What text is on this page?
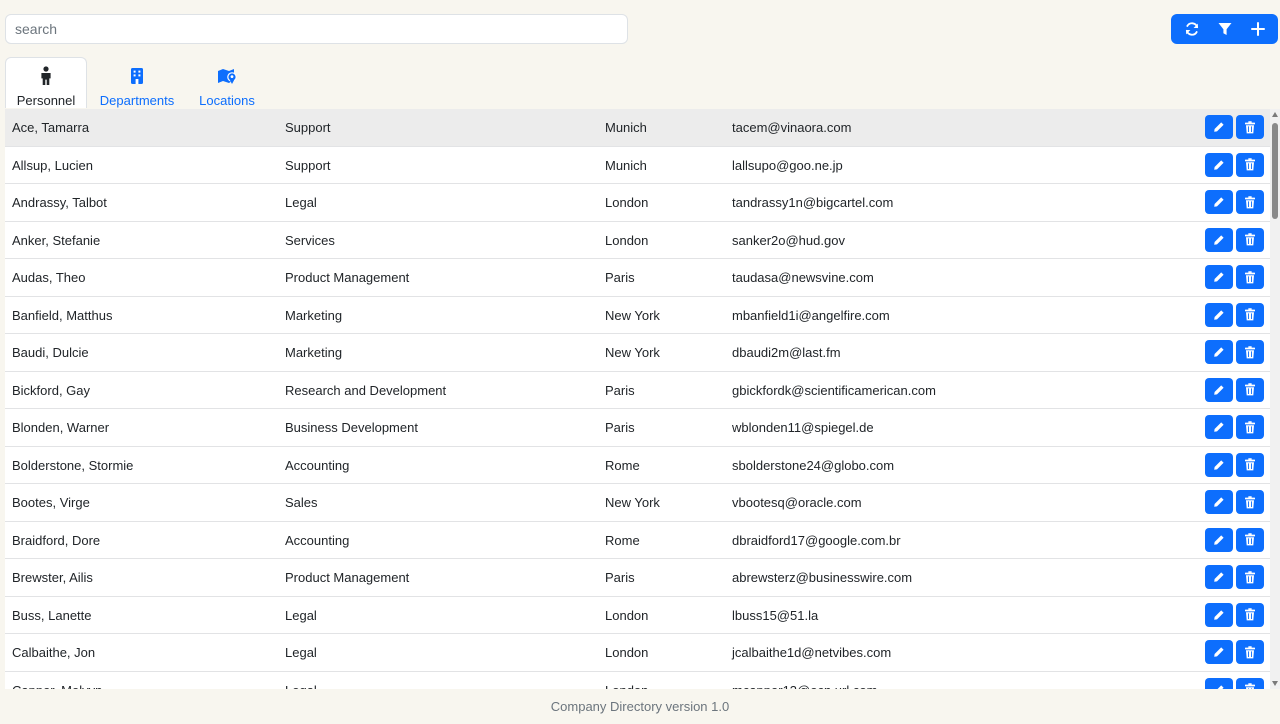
search
Personnel Departments Locations
Ace, Tamarra	Support	Munich	tacem@vinaora.com
Allsup, Lucien	Support	Munich	lallsupo@goo.ne.jp
Andrassy, Talbot	Legal	London	tandrassy1n@bigcartel.com
Anker, Stefanie	Services	London	sanker2o@hud.gov
Audas, Theo	Product Management	Paris	taudasa@newsvine.com
Banfield, Matthus	Marketing	New York	mbanfield1i@angelfire.com
Baudi, Dulcie	Marketing	New York	dbaudi2m@last.fm
Bickford, Gay	Research and Development	Paris	gbickfordk@scientificamerican.com
Blonden, Warner	Business Development	Paris	wblonden11@spiegel.de
Bolderstone, Stormie	Accounting	Rome	sbolderstone24@globo.com
Bootes, Virge	Sales	New York	vbootesq@oracle.com
Braidford, Dore	Accounting	Rome	dbraidford17@google.com.br
Brewster, Ailis	Product Management	Paris	abrewsterz@businesswire.com
Buss, Lanette	Legal	London	lbuss15@51.la
Calbaithe, Jon	Legal	London	jcalbaithe1d@netvibes.com
Company Directory version 1.0
